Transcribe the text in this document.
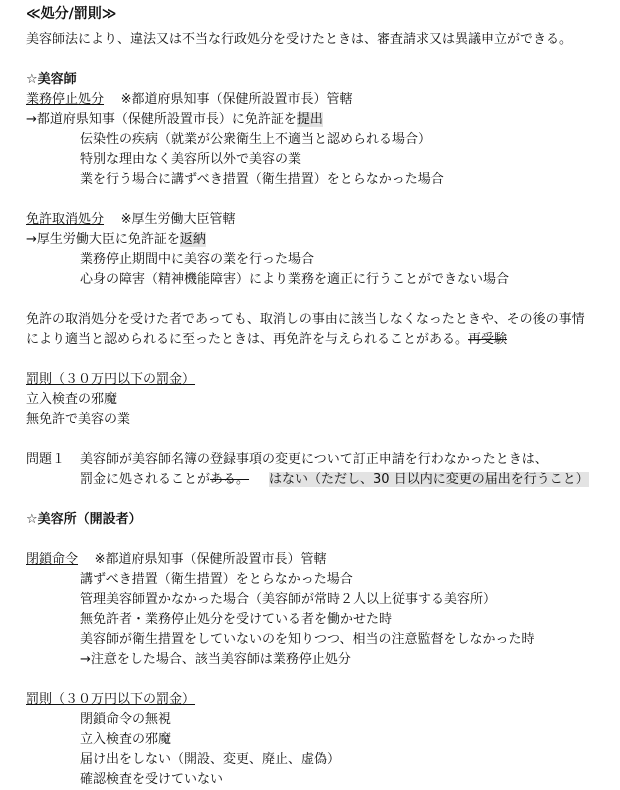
≪処分/罰則≫
美容師法により、違法又は不当な行政処分を受けたときは、審査請求又は異議申立ができる。
☆美容師
業務停止処分 ※都道府県知事（保健所設置市長）管轄
→都道府県知事（保健所設置市長）に免許証を提出
伝染性の疾病（就業が公衆衛生上不適当と認められる場合）
特別な理由なく美容所以外で美容の業
業を行う場合に講ずべき措置（衛生措置）をとらなかった場合
免許取消処分 ※厚生労働大臣管轄
→厚生労働大臣に免許証を返納
業務停止期間中に美容の業を行った場合
心身の障害（精神機能障害）により業務を適正に行うことができない場合
免許の取消処分を受けた者であっても、取消しの事由に該当しなくなったときや、その後の事情
により適当と認められるに至ったときは、再免許を与えられることがある。再受験
罰則（３０万円以下の罰金）
立入検査の邪魔
無免許で美容の業
問題１	美容師が美容師名簿の登録事項の変更について訂正申請を行わなかったときは、
罰金に処されることがある。 はない（ただし、30 日以内に変更の届出を行うこと）
☆美容所（開設者）
閉鎖命令 ※都道府県知事（保健所設置市長）管轄
講ずべき措置（衛生措置）をとらなかった場合
管理美容師置かなかった場合（美容師が常時２人以上従事する美容所）
無免許者・業務停止処分を受けている者を働かせた時
美容師が衛生措置をしていないのを知りつつ、相当の注意監督をしなかった時
→注意をした場合、該当美容師は業務停止処分
罰則（３０万円以下の罰金）
閉鎖命令の無視
立入検査の邪魔
届け出をしない（開設、変更、廃止、虚偽）
確認検査を受けていない
